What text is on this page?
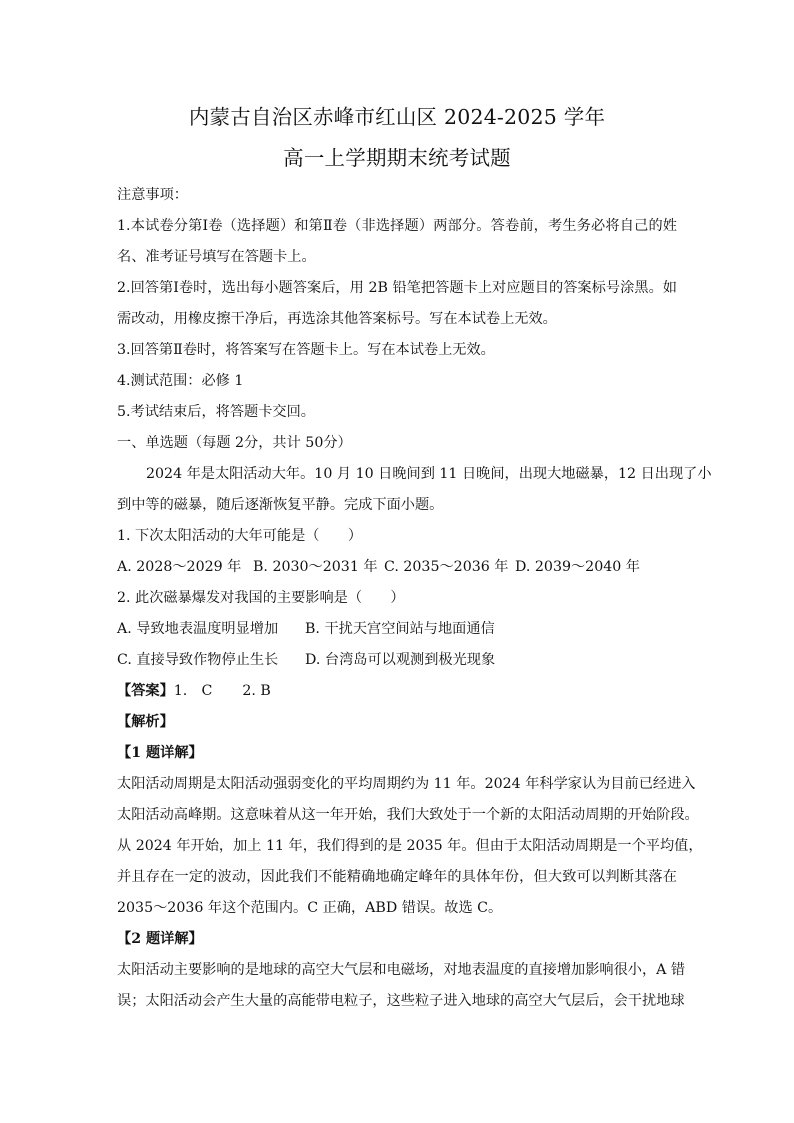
内蒙古自治区赤峰市红山区 2024-2025 学年
高一上学期期末统考试题
注意事项：
1.本试卷分第Ⅰ卷（选择题）和第Ⅱ卷（非选择题）两部分。答卷前，考生务必将自己的姓
名、准考证号填写在答题卡上。
2.回答第Ⅰ卷时，选出每小题答案后，用 2B 铅笔把答题卡上对应题目的答案标号涂黑。如
需改动，用橡皮擦干净后，再选涂其他答案标号。写在本试卷上无效。
3.回答第Ⅱ卷时，将答案写在答题卡上。写在本试卷上无效。
4.测试范围：必修 1
5.考试结束后，将答题卡交回。
一、单选题（每题 2分，共计 50分）
2024 年是太阳活动大年。10 月 10 日晚间到 11 日晚间，出现大地磁暴，12 日出现了小
到中等的磁暴，随后逐渐恢复平静。完成下面小题。
1. 下次太阳活动的大年可能是（　　）
A. 2028～2029 年 B. 2030～2031 年 C. 2035～2036 年 D. 2039～2040 年
2. 此次磁暴爆发对我国的主要影响是（　　）
A. 导致地表温度明显增加	B. 干扰天宫空间站与地面通信
C. 直接导致作物停止生长	D. 台湾岛可以观测到极光现象
【答案】1.　C 2. B
【解析】
【1 题详解】
太阳活动周期是太阳活动强弱变化的平均周期约为 11 年。2024 年科学家认为目前已经进入
太阳活动高峰期。这意味着从这一年开始，我们大致处于一个新的太阳活动周期的开始阶段。
从 2024 年开始，加上 11 年，我们得到的是 2035 年。但由于太阳活动周期是一个平均值，
并且存在一定的波动，因此我们不能精确地确定峰年的具体年份，但大致可以判断其落在
2035～2036 年这个范围内。C 正确，ABD 错误。故选 C。
【2 题详解】
太阳活动主要影响的是地球的高空大气层和电磁场，对地表温度的直接增加影响很小，A 错
误；太阳活动会产生大量的高能带电粒子，这些粒子进入地球的高空大气层后，会干扰地球
